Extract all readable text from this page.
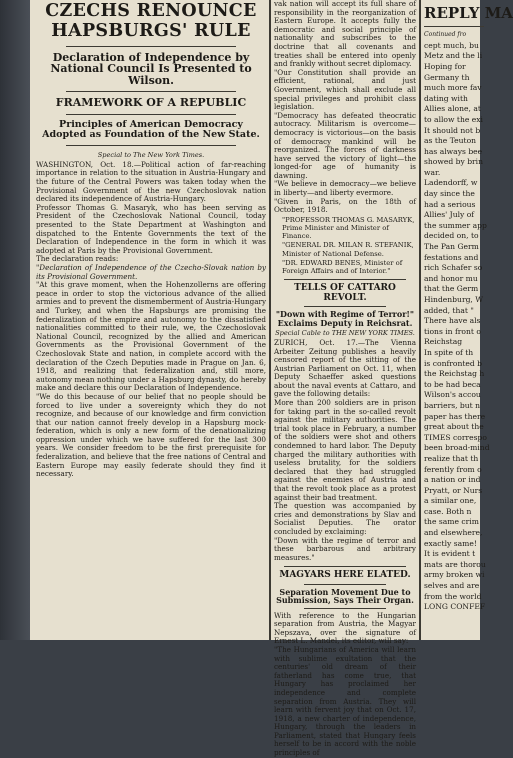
CZECHS RENOUNCE
HAPSBURGS' RULE
Declaration of Independence by National Council Is Presented to Wilson.
FRAMEWORK OF A REPUBLIC
Principles of American Democracy Adopted as Foundation of the New State.
Special to The New York Times.

WASHINGTON, Oct. 18.—Political action of far-reaching importance in relation to the situation in Austria-Hungary and the future of the Central Powers was taken today when the Provisional Government of the new Czechoslovak nation declared its independence of Austria-Hungary.

Professor Thomas G. Masaryk, who has been serving as President of the Czechoslovak National Council, today presented to the State Department at Washington and dispatched to the Entente Governments the text of the Declaration of Independence in the form in which it was adopted at Paris by the Provisional Government.

The declaration reads:

"Declaration of Independence of the Czecho-Slovak nation by its Provisional Government.

"At this grave moment, when the Hohenzollerns are offering peace in order to stop the victorious advance of the allied armies and to prevent the dismemberment of Austria-Hungary and Turkey, and when the Hapsburgs are promising the federalization of the empire and autonomy to the dissatisfied nationalities committed to their rule, we, the Czechoslovak National Council, recognized by the allied and American Governments as the Provisional Government of the Czechoslovak State and nation, in complete accord with the declaration of the Czech Deputies made in Prague on Jan. 6, 1918, and realizing that federalization and, still more, autonomy mean nothing under a Hapsburg dynasty, do hereby make and declare this our Declaration of Independence.

"We do this because of our belief that no people should be forced to live under a sovereignty which they do not recognize, and because of our knowledge and firm conviction that our nation cannot freely develop in a Hapsburg mock-federation, which is only a new form of the denationalizing oppression under which we have suffered for the last 300 years. We consider freedom to be the first prerequisite for federalization, and believe that the free nations of Central and Eastern Europe may easily federate should they find it necessary.

vak nation will accept its full share of responsibility in the reorganization of Eastern Europe. It accepts fully the democratic and social principle of nationality and subscribes to the doctrine that all covenants and treaties shall be entered into openly and frankly without secret diplomacy.

"Our Constitution shall provide an efficient, rational, and just Government, which shall exclude all special privileges and prohibit class legislation.

"Democracy has defeated theocratic autocracy. Militarism is overcome—democracy is victorious—on the basis of democracy mankind will be reorganized. The forces of darkness have served the victory of light—the longed-for age of humanity is dawning.

"We believe in democracy—we believe in liberty—and liberty evermore.

"Given in Paris, on the 18th of October, 1918.

"PROFESSOR THOMAS G. MASARYK, Prime Minister and Minister of Finance.

"GENERAL DR. MILAN R. STEFANIK, Minister of National Defense.

"DR. EDWARD BENES, Minister of Foreign Affairs and of Interior."

TELLS OF CATTARO REVOLT.
"Down with Regime of Terror!" Exclaims Deputy in Reichsrat.
Special Cable to THE NEW YORK TIMES.

ZURICH, Oct. 17.—The Vienna Arbeiter Zeitung publishes a heavily censored report of the sitting of the Austrian Parliament on Oct. 11, when Deputy Schaeffer asked questions about the naval events at Cattaro, and gave the following details:

More than 200 soldiers are in prison for taking part in the so-called revolt against the military authorities. The trial took place in February, a number of the soldiers were shot and others condemned to hard labor. The Deputy charged the military authorities with useless brutality, for the soldiers declared that they had struggled against the enemies of Austria and that the revolt took place as a protest against their bad treatment.

The question was accompanied by cries and demonstrations by Slav and Socialist Deputies. The orator concluded by exclaiming:

"Down with the regime of terror and these barbarous and arbitrary measures."

MAGYARS HERE ELATED.
Separation Movement Due to Submission, Says Their Organ.

With reference to the Hungarian separation from Austria, the Magyar Nepszava, over the signature of Ernest L. Mandel, its editor, will say:

"The Hungarians of America will learn with sublime exultation that the centuries' old dream of their fatherland has come true, that Hungary has proclaimed her independence and complete separation from Austria. They will learn with fervent joy that on Oct. 17, 1918, a new charter of independence, Hungary, through the leaders in Parliament, stated that Hungary feels herself to be in accord with the noble principles of

REPLY MA
Continued fro
cept much, bu
Metz and the li
Hoping for
Germany th
much more fav
dating with
Allies alone, at
to allow the exi
It should not b
as the Teuton
has always bee
showed by brin
war.
Ladendorff, w
day since the
had a serious
Allies' July of
the summer app
decided on, to
The Pan Germ
festations and
rich Schafer so
and honor mu
that the Germ
Hindenburg, W
added, that "
There have als
tions in front o
Reichstag
In spite of th
is confronted b
the Reichstag h
to be had beca
Wilson's accou
barriers, but n
paper has there
great about the
TIMES correspo
been broad-mind
realize that th
ferently from o
a nation or ind
Pryatt, or Nurs
a similar one,
case. Both n
the same crim
and elsewhere,
exactly same!
It is evident t
mats are thorou
army broken wi
selves and are
from the world
LONG CONFEF
